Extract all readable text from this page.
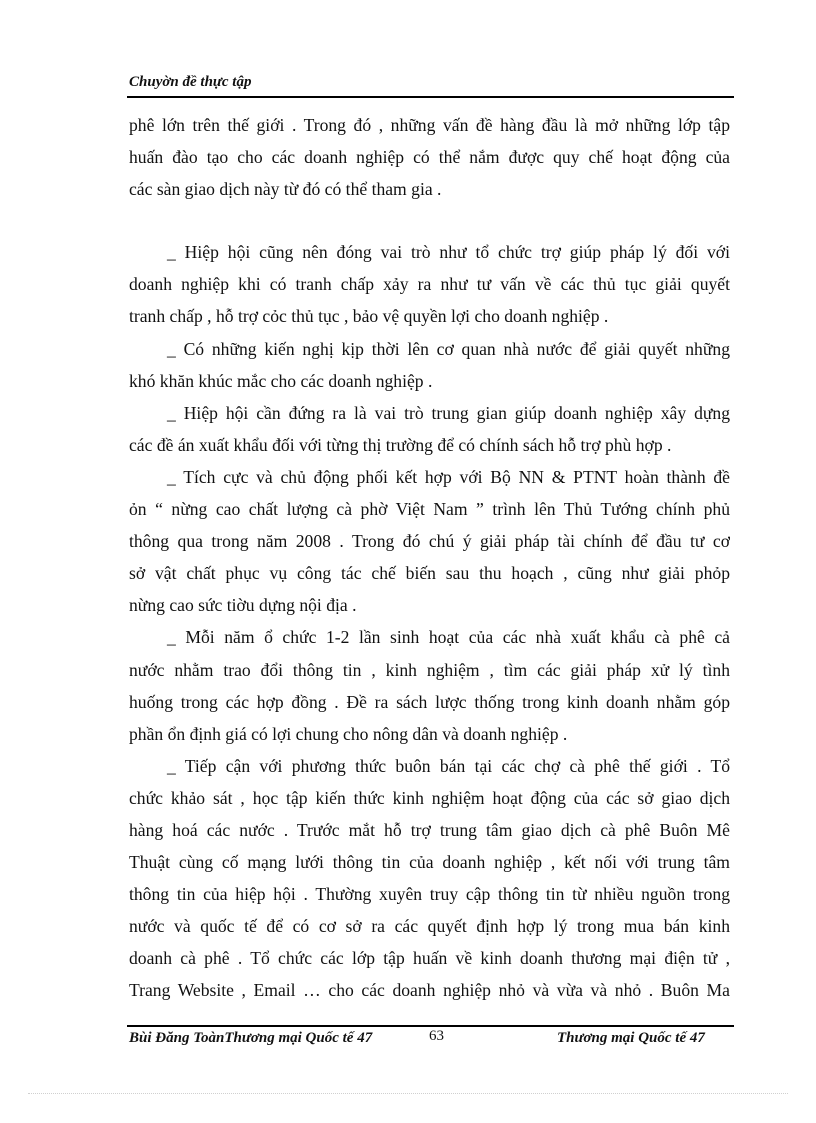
Chuyờn đề thực tập
phê lớn trên thế giới . Trong đó , những vấn đề hàng đầu là mở những lớp tập
huấn đào tạo cho các doanh nghiệp có thể nắm được quy chế hoạt động của
các sàn giao dịch này từ đó có thể tham gia .

_ Hiệp hội cũng nên đóng vai trò như tổ chức trợ giúp pháp lý đối với
doanh nghiệp khi có tranh chấp xảy ra như tư vấn về các thủ tục giải quyết
tranh chấp , hỗ trợ cỏc thủ tục , bảo vệ quyền lợi cho doanh nghiệp .
_ Có những kiến nghị kịp thời lên cơ quan nhà nước để giải quyết những
khó khăn khúc mắc cho các doanh nghiệp .
_ Hiệp hội cần đứng ra là vai trò trung gian giúp doanh nghiệp xây dựng
các đề án xuất khẩu đối với từng thị trường để có chính sách hỗ trợ phù hợp .
_ Tích cực và chủ động phối kết hợp với Bộ NN & PTNT hoàn thành đề
ỏn “ nừng cao chất lượng cà phờ Việt Nam ” trình lên Thủ Tướng chính phủ
thông qua trong năm 2008 . Trong đó chú ý giải pháp tài chính để đầu tư cơ
sở vật chất phục vụ công tác chế biến sau thu hoạch , cũng như giải phỏp
nừng cao sức tiờu dựng nội địa .
_ Mỗi năm ổ chức 1-2 lần sinh hoạt của các nhà xuất khẩu cà phê cả
nước nhằm trao đổi thông tin , kinh nghiệm , tìm các giải pháp xử lý tình
huống trong các hợp đồng . Đề ra sách lược thống trong kinh doanh nhằm góp
phần ổn định giá có lợi chung cho nông dân và doanh nghiệp .
_ Tiếp cận với phương thức buôn bán tại các chợ cà phê thế giới . Tổ
chức khảo sát , học tập kiến thức kinh nghiệm hoạt động của các sở giao dịch
hàng hoá các nước . Trước mắt hỗ trợ trung tâm giao dịch cà phê Buôn Mê
Thuật cùng cố mạng lưới thông tin của doanh nghiệp , kết nối với trung tâm
thông tin của hiệp hội . Thường xuyên truy cập thông tin từ nhiều nguồn trong
nước và quốc tế để có cơ sở ra các quyết định hợp lý trong mua bán kinh
doanh cà phê . Tổ chức các lớp tập huấn về kinh doanh thương mại điện tử ,
Trang Website , Email … cho các doanh nghiệp nhỏ và vừa và nhỏ . Buôn Ma
Bùi Đăng ToànThương mại Quốc tế 47	63	Thương mại Quốc tế 47
